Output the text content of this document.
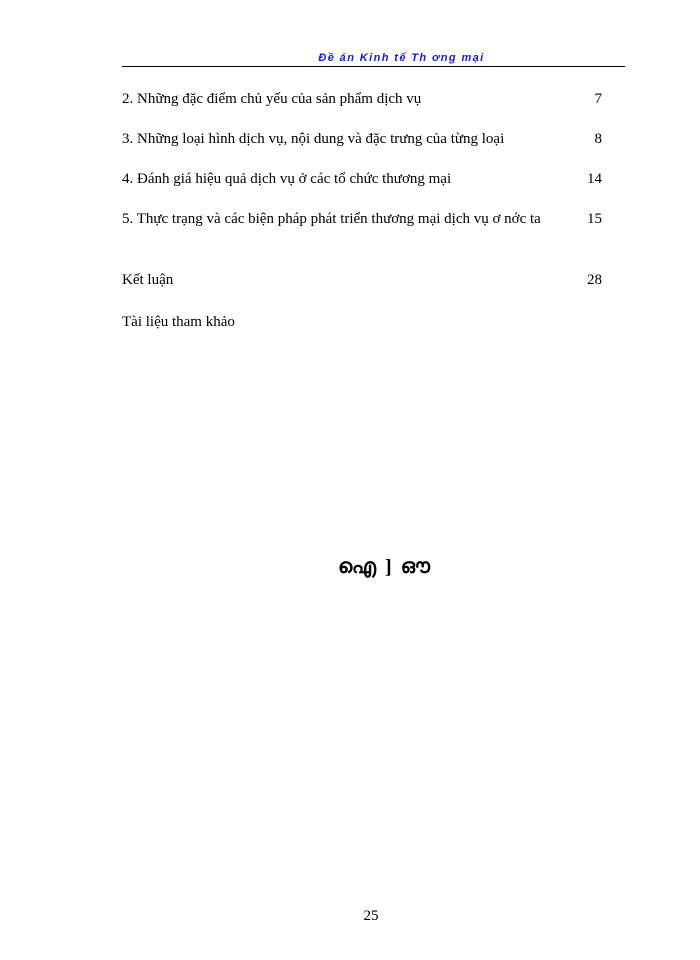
Đề án Kinh tế Th ơng mại
2. Những đặc điểm chủ yếu của sản phẩm dịch vụ	7
3. Những loại hình dịch vụ, nội dung và đặc trưng của từng loại	8
4. Đánh giá hiệu quả dịch vụ ở các tổ chức thương mại	14
5. Thực trạng và các biện pháp phát triển thương mại dịch vụ ơ nớc ta	15
Kết luận	28
Tài liệu tham khảo
ഐ ] ഔ
25
